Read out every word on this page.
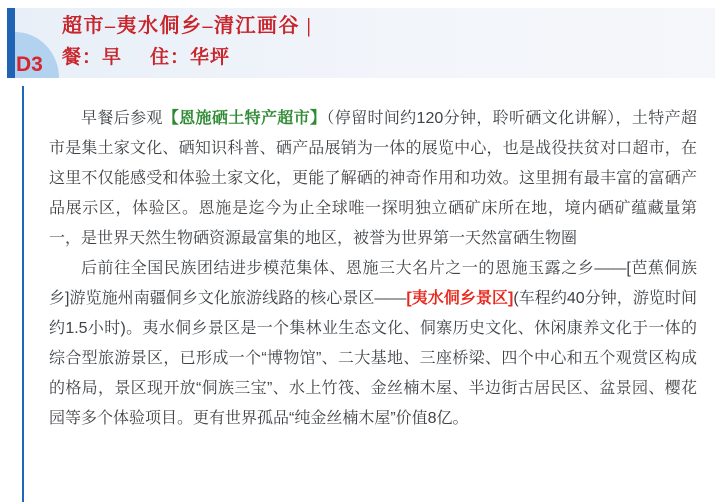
D3
超市–夷水侗乡–清江画谷 |
餐：早 住：华坪

早餐后参观【恩施硒土特产超市】（停留时间约120分钟，聆听硒文化讲解），土特产超市是集土家文化、硒知识科普、硒产品展销为一体的展览中心，也是战役扶贫对口超市，在这里不仅能感受和体验土家文化，更能了解硒的神奇作用和功效。这里拥有最丰富的富硒产品展示区，体验区。恩施是迄今为止全球唯一探明独立硒矿床所在地，境内硒矿蕴藏量第一，是世界天然生物硒资源最富集的地区，被誉为世界第一天然富硒生物圈

后前往全国民族团结进步模范集体、恩施三大名片之一的恩施玉露之乡——[芭蕉侗族乡]游览施州南疆侗乡文化旅游线路的核心景区——[夷水侗乡景区](车程约40分钟，游览时间约1.5小时)。夷水侗乡景区是一个集林业生态文化、侗寨历史文化、休闲康养文化于一体的综合型旅游景区，已形成一个“博物馆”、二大基地、三座桥梁、四个中心和五个观赏区构成的格局，景区现开放“侗族三宝”、水上竹筏、金丝楠木屋、半边街古居民区、盆景园、樱花园等多个体验项目。更有世界孤品“纯金丝楠木屋”价值8亿。
